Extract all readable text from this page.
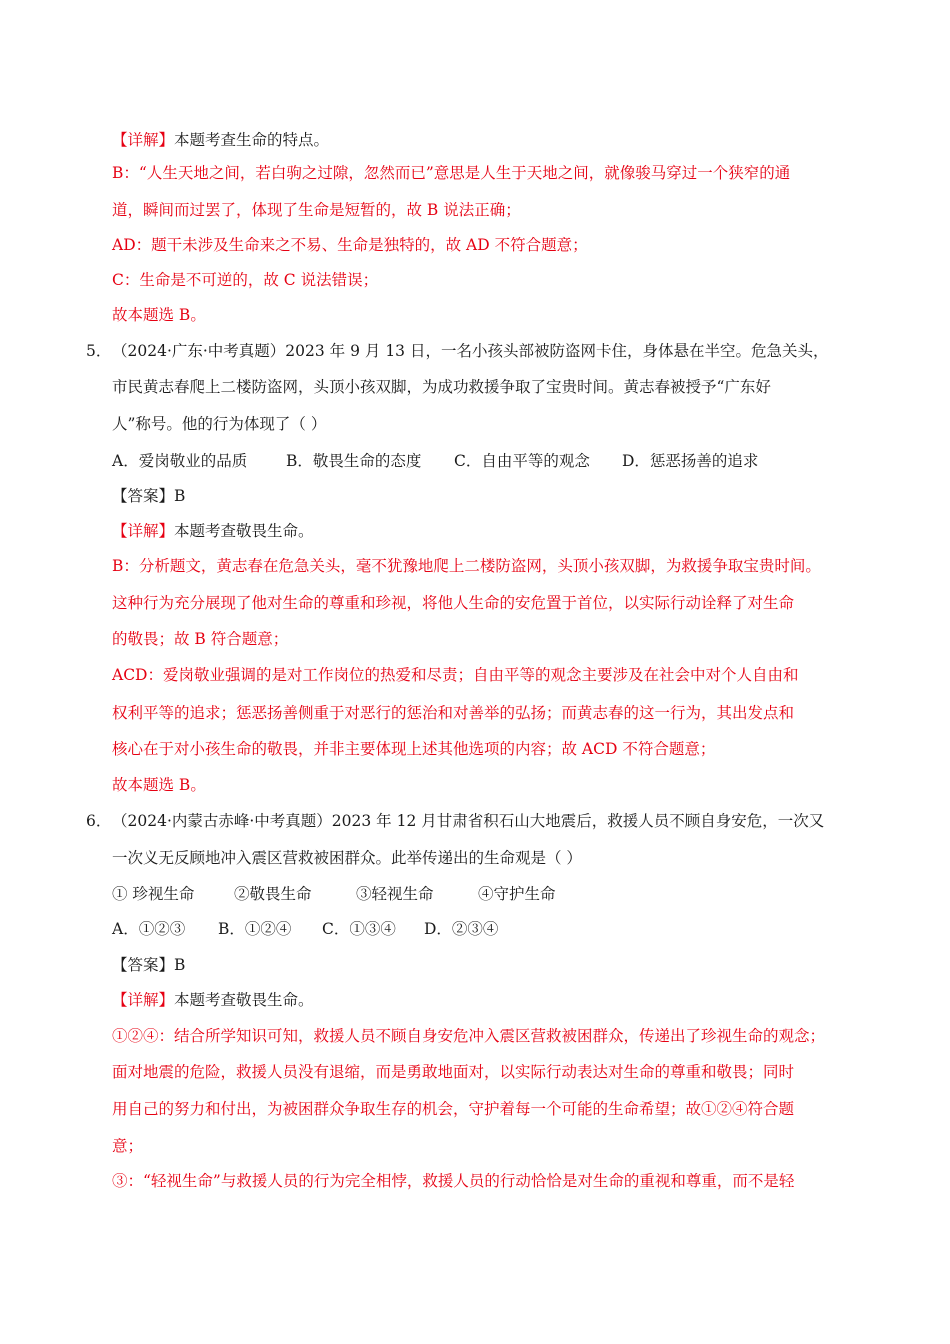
【详解】本题考查生命的特点。
B：“人生天地之间，若白驹之过隙，忽然而已”意思是人生于天地之间，就像骏马穿过一个狭窄的通
道，瞬间而过罢了，体现了生命是短暂的，故 B 说法正确；
AD：题干未涉及生命来之不易、生命是独特的，故 AD 不符合题意；
C：生命是不可逆的，故 C 说法错误；
故本题选 B。
5． （2024·广东·中考真题）2023 年 9 月 13 日，一名小孩头部被防盗网卡住，身体悬在半空。危急关头，
市民黄志春爬上二楼防盗网，头顶小孩双脚，为成功救援争取了宝贵时间。黄志春被授予“广东好
人”称号。他的行为体现了（ ）
A．爱岗敬业的品质	B．敬畏生命的态度 C．自由平等的观念 D．惩恶扬善的追求
【答案】B
【详解】本题考查敬畏生命。
B：分析题文，黄志春在危急关头，毫不犹豫地爬上二楼防盗网，头顶小孩双脚，为救援争取宝贵时间。
这种行为充分展现了他对生命的尊重和珍视，将他人生命的安危置于首位，以实际行动诠释了对生命
的敬畏；故 B 符合题意；
ACD：爱岗敬业强调的是对工作岗位的热爱和尽责；自由平等的观念主要涉及在社会中对个人自由和
权利平等的追求；惩恶扬善侧重于对恶行的惩治和对善举的弘扬；而黄志春的这一行为，其出发点和
核心在于对小孩生命的敬畏，并非主要体现上述其他选项的内容；故 ACD 不符合题意；
故本题选 B。
6． （2024·内蒙古赤峰·中考真题）2023 年 12 月甘肃省积石山大地震后，救援人员不顾自身安危，一次又
一次义无反顾地冲入震区营救被困群众。此举传递出的生命观是（ ）
① 珍视生命	②敬畏生命	③轻视生命	④守护生命
A．①②③ B．①②④ C．①③④ D．②③④
【答案】B
【详解】本题考查敬畏生命。
①②④：结合所学知识可知，救援人员不顾自身安危冲入震区营救被困群众，传递出了珍视生命的观念；
面对地震的危险，救援人员没有退缩，而是勇敢地面对，以实际行动表达对生命的尊重和敬畏；同时
用自己的努力和付出，为被困群众争取生存的机会，守护着每一个可能的生命希望；故①②④符合题
意；
③：“轻视生命”与救援人员的行为完全相悖，救援人员的行动恰恰是对生命的重视和尊重，而不是轻
